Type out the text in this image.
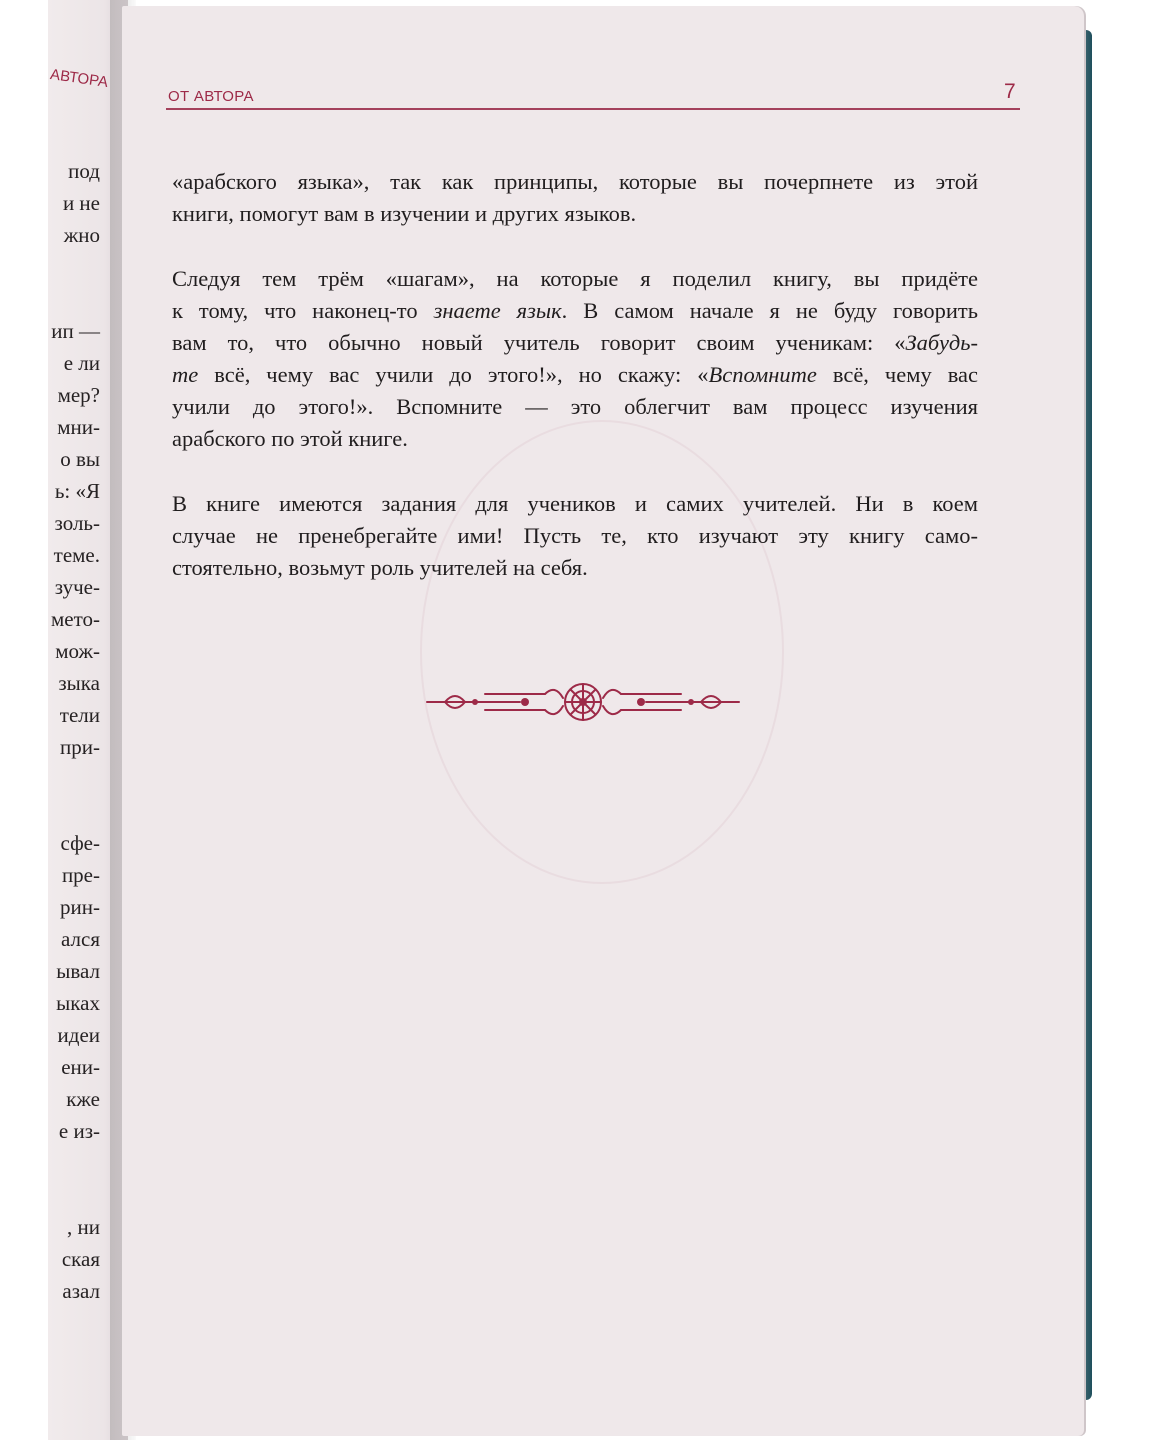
АВТОРА
под
и не
жно
ип —
е ли
мер?
мни-
о вы
ь: «Я
золь-
теме.
зуче-
мето-
мож-
зыка
тели
при-
сфе-
пре-
рин-
ался
ывал
ыках
идеи
ени-
кже
е из-
, ни
ская
азал
ОТ АВТОРА	7
«арабского языка», так как принципы, которые вы почерпнете из этой
книги, помогут вам в изучении и других языков.
Следуя тем трём «шагам», на которые я поделил книгу, вы придёте
к тому, что наконец-то знаете язык. В самом начале я не буду говорить
вам то, что обычно новый учитель говорит своим ученикам: «Забудь-
те всё, чему вас учили до этого!», но скажу: «Вспомните всё, чему вас
учили до этого!». Вспомните — это облегчит вам процесс изучения
арабского по этой книге.
В книге имеются задания для учеников и самих учителей. Ни в коем
случае не пренебрегайте ими! Пусть те, кто изучают эту книгу само-
стоятельно, возьмут роль учителей на себя.
